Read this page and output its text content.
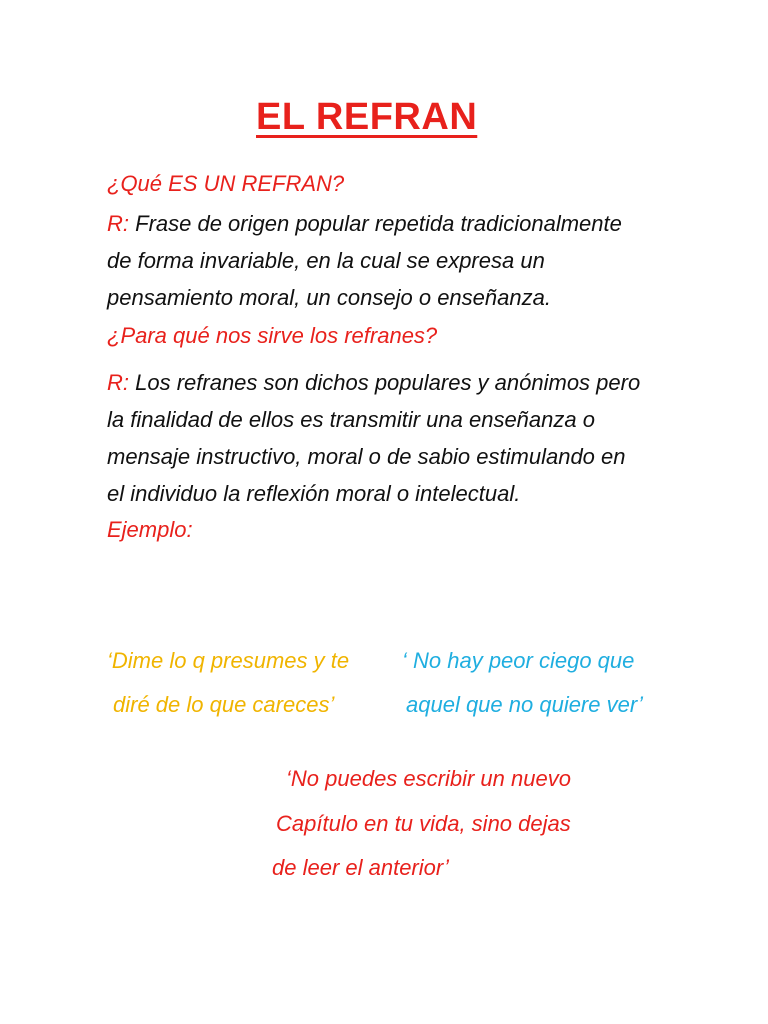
EL REFRAN
¿Qué ES UN REFRAN?
R: Frase de origen popular repetida tradicionalmente
de forma invariable, en la cual se expresa un
pensamiento moral, un consejo o enseñanza.
¿Para qué nos sirve los refranes?
R: Los refranes son dichos populares y anónimos pero
la finalidad de ellos es transmitir una enseñanza o
mensaje instructivo, moral o de sabio estimulando en
el individuo la reflexión moral o intelectual.
Ejemplo:
‘Dime lo q presumes y te
diré de lo que careces’
‘ No hay peor ciego que
aquel que no quiere ver’
‘No puedes escribir un nuevo
Capítulo en tu vida, sino dejas
de leer el anterior’
